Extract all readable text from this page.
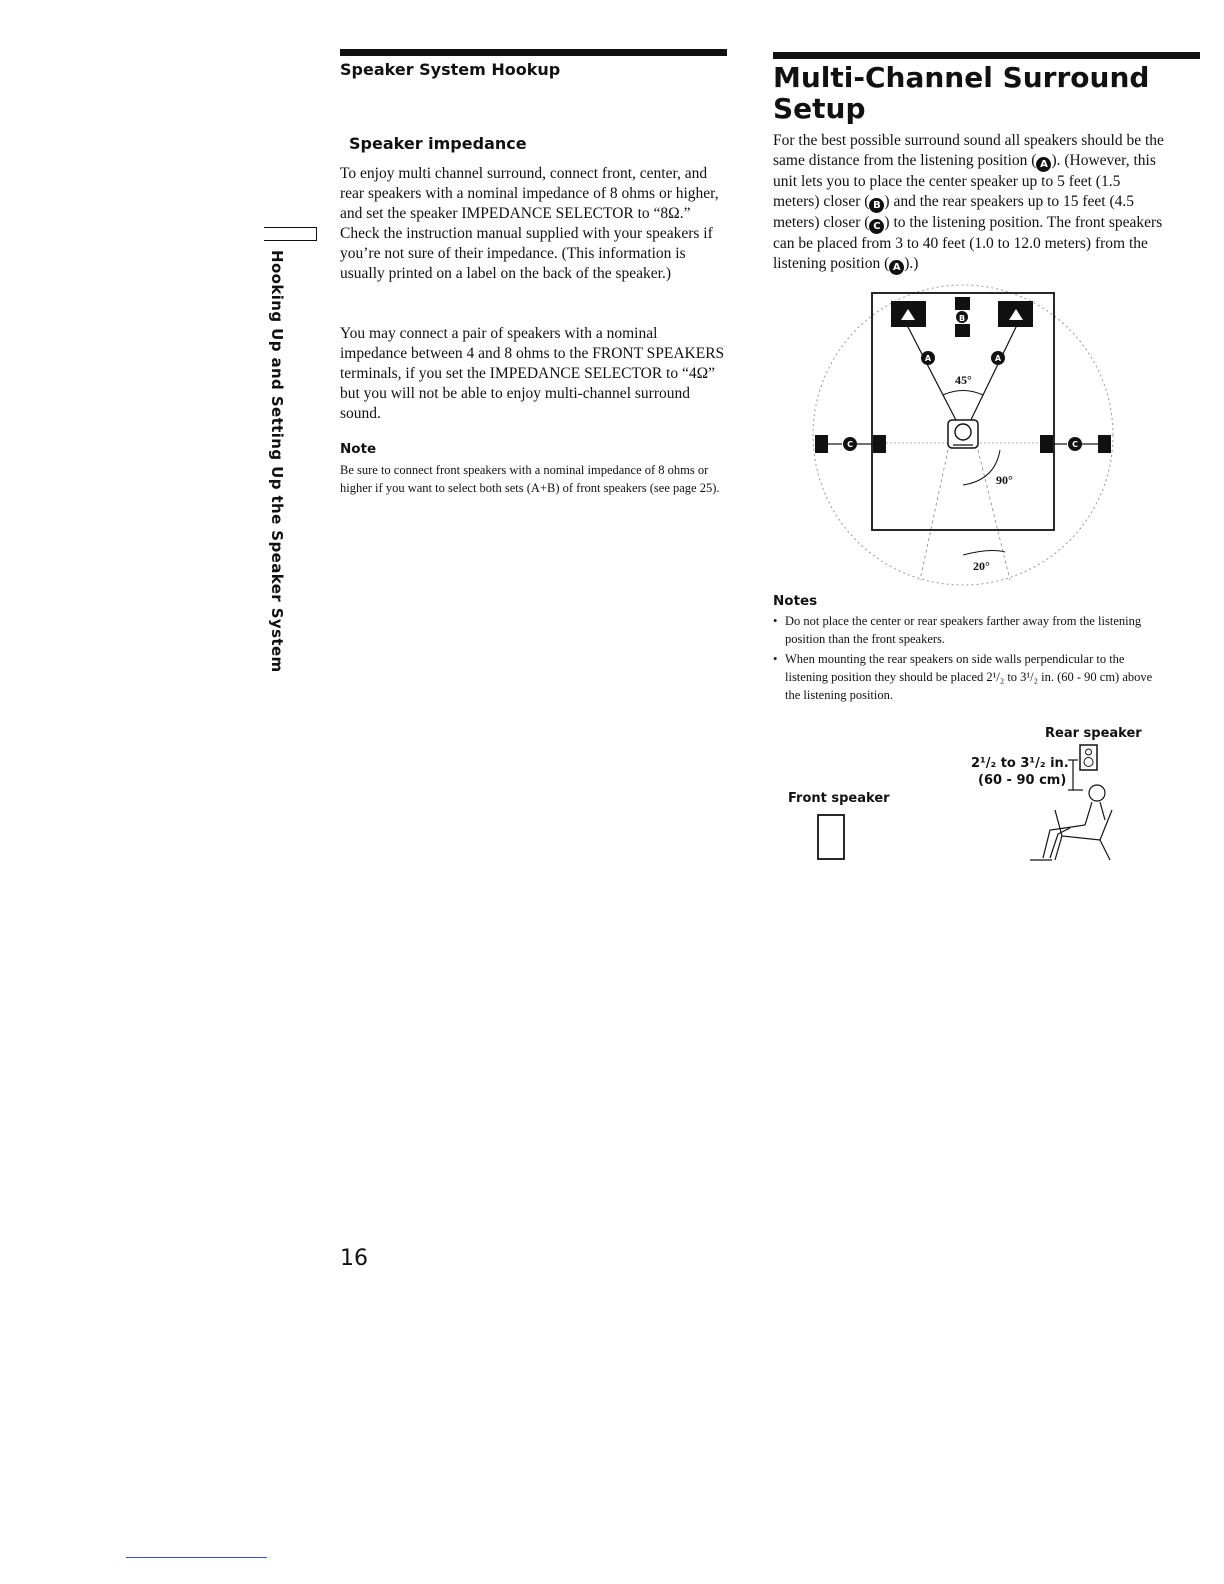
Speaker System Hookup
Speaker impedance

To enjoy multi channel surround, connect front, center, and rear speakers with a nominal impedance of 8 ohms or higher, and set the speaker IMPEDANCE SELECTOR to “8Ω.” Check the instruction manual supplied with your speakers if you’re not sure of their impedance. (This information is usually printed on a label on the back of the speaker.)

You may connect a pair of speakers with a nominal impedance between 4 and 8 ohms to the FRONT SPEAKERS terminals, if you set the IMPEDANCE SELECTOR to “4Ω” but you will not be able to enjoy multi-channel surround sound.

Note

Be sure to connect front speakers with a nominal impedance of 8 ohms or higher if you want to select both sets (A+B) of front speakers (see page 25).

Hooking Up and Setting Up the Speaker System
Multi-Channel Surround Setup

For the best possible surround sound all speakers should be the same distance from the listening position ( A ). (However, this unit lets you to place the center speaker up to 5 feet (1.5 meters) closer ( B ) and the rear speakers up to 15 feet (4.5 meters) closer ( C ) to the listening position. The front speakers can be placed from 3 to 40 feet (1.0 to 12.0 meters) from the listening position ( A ).)

B
A	A
45°
90°
20°
C	C
Notes
• Do not place the center or rear speakers farther away from the listening position than the front speakers.
• When mounting the rear speakers on side walls perpendicular to the listening position they should be placed 2¹/₂ to 3¹/₂ in. (60 - 90 cm) above the listening position.
Rear speaker
2¹/₂ to 3¹/₂ in.
(60 - 90 cm)
Front speaker
16
